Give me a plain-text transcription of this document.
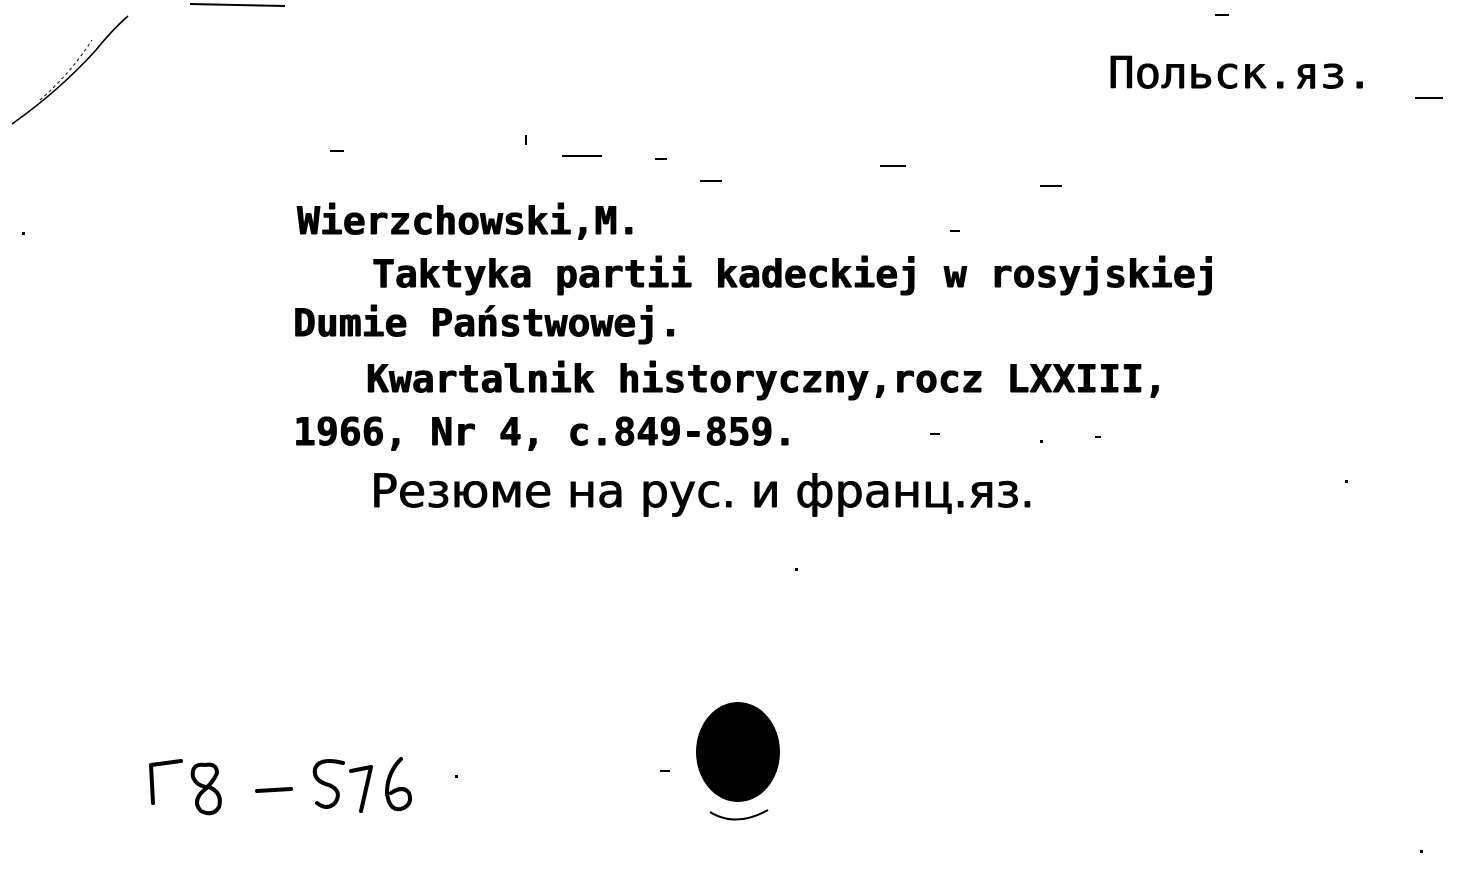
Польск.яз.
Wierzchowski,M.
Taktyka partii kadeckiej w rosyjskiej
Dumie Państwowej.
Kwartalnik historyczny,rocz LXXIII,
1966, Nr 4, c.849-859.
Резюме на рус. и франц.яз.
